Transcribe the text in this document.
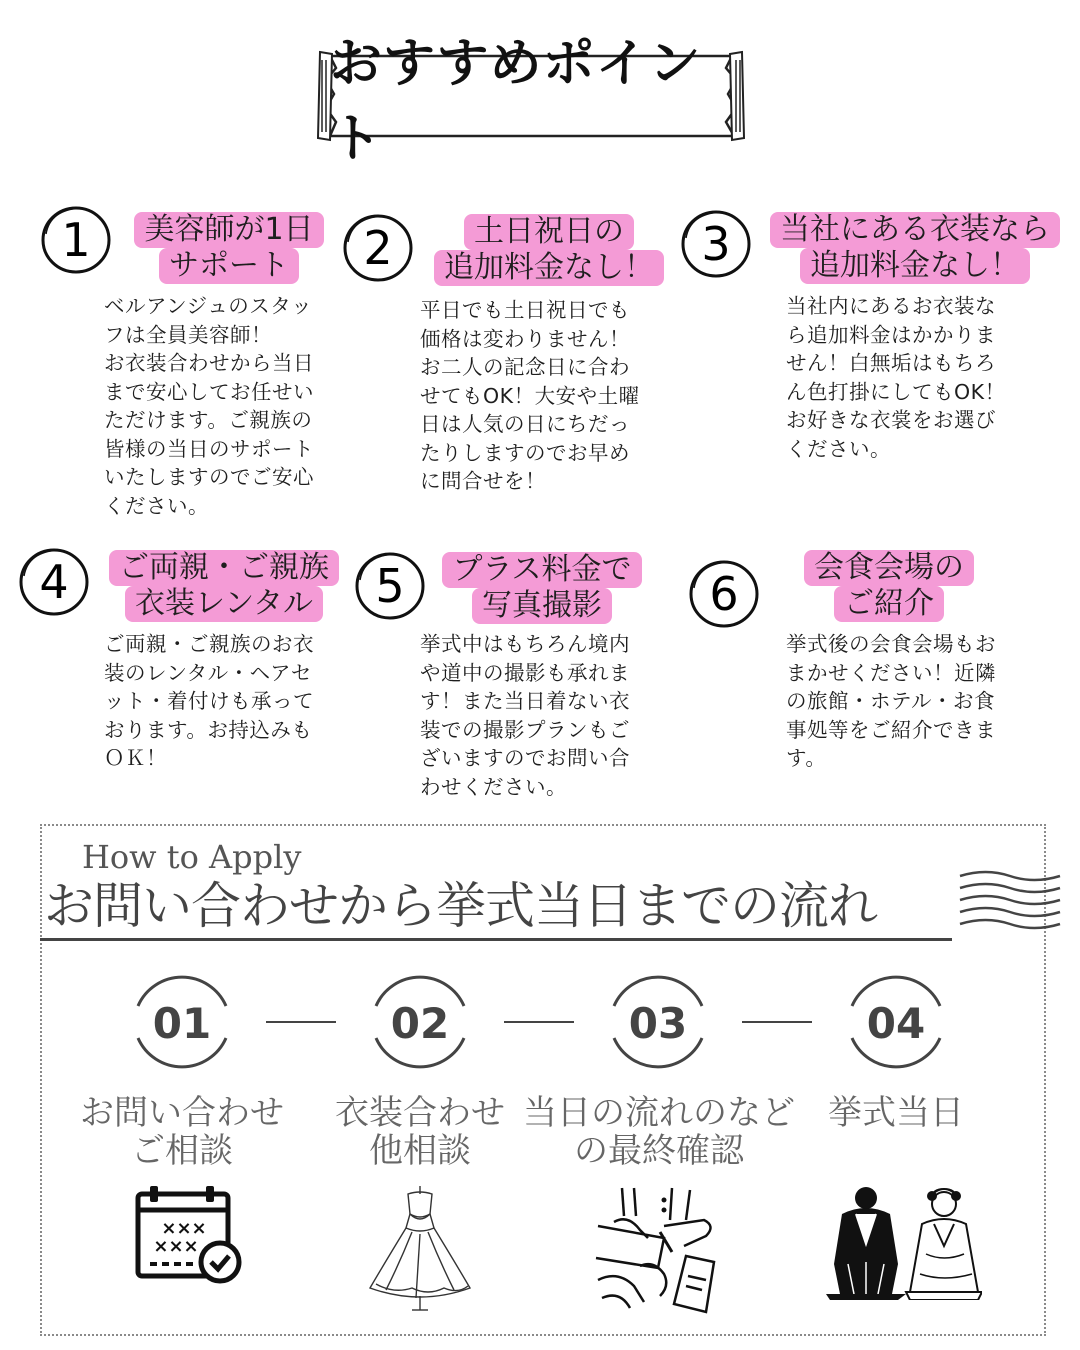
おすすめポイント
1	美容師が1日
サポート
ベルアンジュのスタッ
フは全員美容師！
お衣装合わせから当日
まで安心してお任せい
ただけます。ご親族の
皆様の当日のサポート
いたしますのでご安心
ください。
2	土日祝日の
追加料金なし！
平日でも土日祝日でも
価格は変わりません！
お二人の記念日に合わ
せてもOK！大安や土曜
日は人気の日にちだっ
たりしますのでお早め
に問合せを！
3	当社にある衣装なら
追加料金なし！
当社内にあるお衣装な
ら追加料金はかかりま
せん！白無垢はもちろ
ん色打掛にしてもOK！
お好きな衣裳をお選び
ください。
4	ご両親・ご親族
衣装レンタル
ご両親・ご親族のお衣
装のレンタル・ヘアセ
ット・着付けも承って
おります。お持込みも
ＯＫ！
5	プラス料金で
写真撮影
挙式中はもちろん境内
や道中の撮影も承れま
す！また当日着ない衣
装での撮影プランもご
ざいますのでお問い合
わせください。
6	会食会場の
ご紹介
挙式後の会食会場もお
まかせください！近隣
の旅館・ホテル・お食
事処等をご紹介できま
す。
How to Apply
お問い合わせから挙式当日までの流れ
01	02	03	04
お問い合わせ
ご相談
衣装合わせ
他相談
当日の流れのなど
の最終確認
挙式当日
×××
×××
